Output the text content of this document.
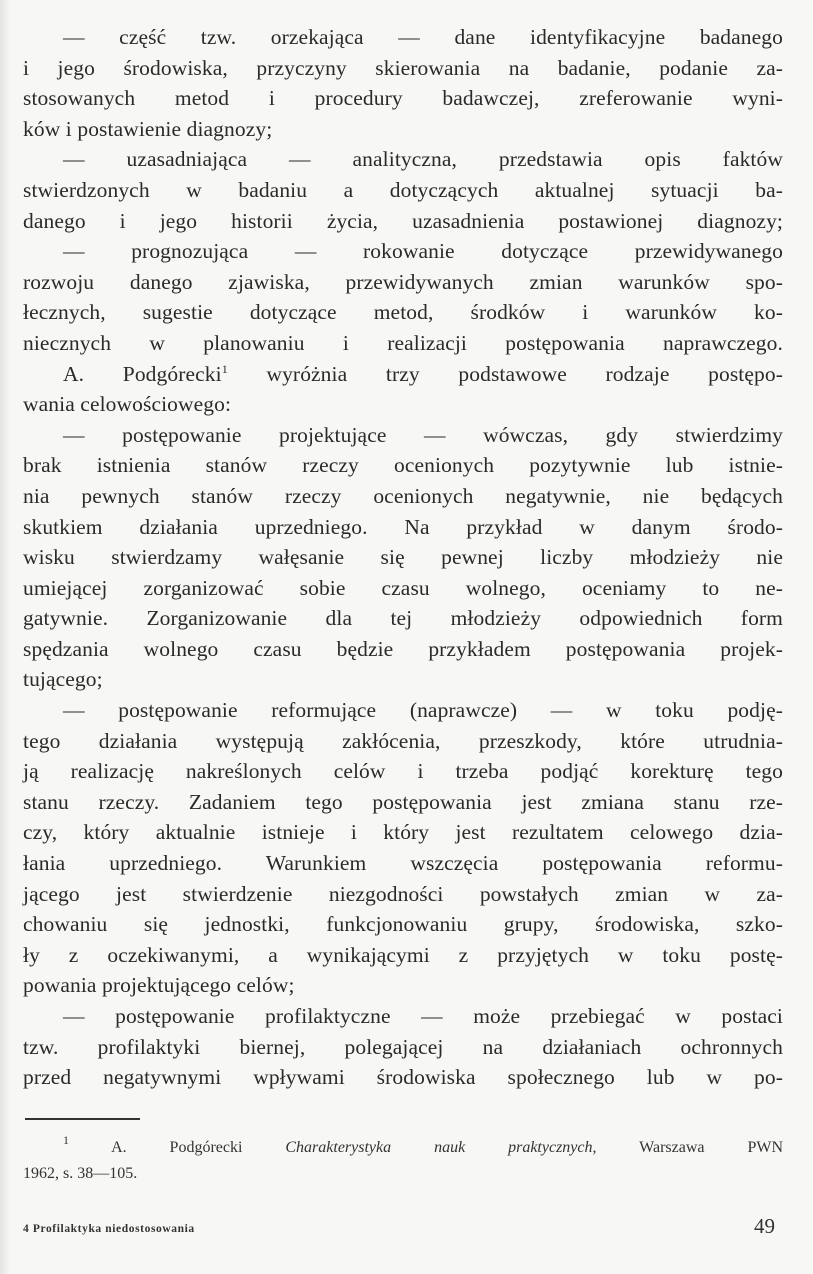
— część tzw. orzekająca — dane identyfikacyjne badanego
i jego środowiska, przyczyny skierowania na badanie, podanie za-
stosowanych metod i procedury badawczej, zreferowanie wyni-
ków i postawienie diagnozy;
— uzasadniająca — analityczna, przedstawia opis faktów
stwierdzonych w badaniu a dotyczących aktualnej sytuacji ba-
danego i jego historii życia, uzasadnienia postawionej diagnozy;
— prognozująca — rokowanie dotyczące przewidywanego
rozwoju danego zjawiska, przewidywanych zmian warunków spo-
łecznych, sugestie dotyczące metod, środków i warunków ko-
niecznych w planowaniu i realizacji postępowania naprawczego.
A. Podgórecki$^1$ wyróżnia trzy podstawowe rodzaje postępo-
wania celowościowego:
— postępowanie projektujące — wówczas, gdy stwierdzimy
brak istnienia stanów rzeczy ocenionych pozytywnie lub istnie-
nia pewnych stanów rzeczy ocenionych negatywnie, nie będących
skutkiem działania uprzedniego. Na przykład w danym środo-
wisku stwierdzamy wałęsanie się pewnej liczby młodzieży nie
umiejącej zorganizować sobie czasu wolnego, oceniamy to ne-
gatywnie. Zorganizowanie dla tej młodzieży odpowiednich form
spędzania wolnego czasu będzie przykładem postępowania projek-
tującego;
— postępowanie reformujące (naprawcze) — w toku podję-
tego działania występują zakłócenia, przeszkody, które utrudnia-
ją realizację nakreślonych celów i trzeba podjąć korekturę tego
stanu rzeczy. Zadaniem tego postępowania jest zmiana stanu rze-
czy, który aktualnie istnieje i który jest rezultatem celowego dzia-
łania uprzedniego. Warunkiem wszczęcia postępowania reformu-
jącego jest stwierdzenie niezgodności powstałych zmian w za-
chowaniu się jednostki, funkcjonowaniu grupy, środowiska, szko-
ły z oczekiwanymi, a wynikającymi z przyjętych w toku postę-
powania projektującego celów;
— postępowanie profilaktyczne — może przebiegać w postaci
tzw. profilaktyki biernej, polegającej na działaniach ochronnych
przed negatywnymi wpływami środowiska społecznego lub w po-
$^1$	A. Podgórecki	Charakterystyka nauk praktycznych, Warszawa PWN
1962, s. 38—105.
4 Profilaktyka niedostosowania	49
